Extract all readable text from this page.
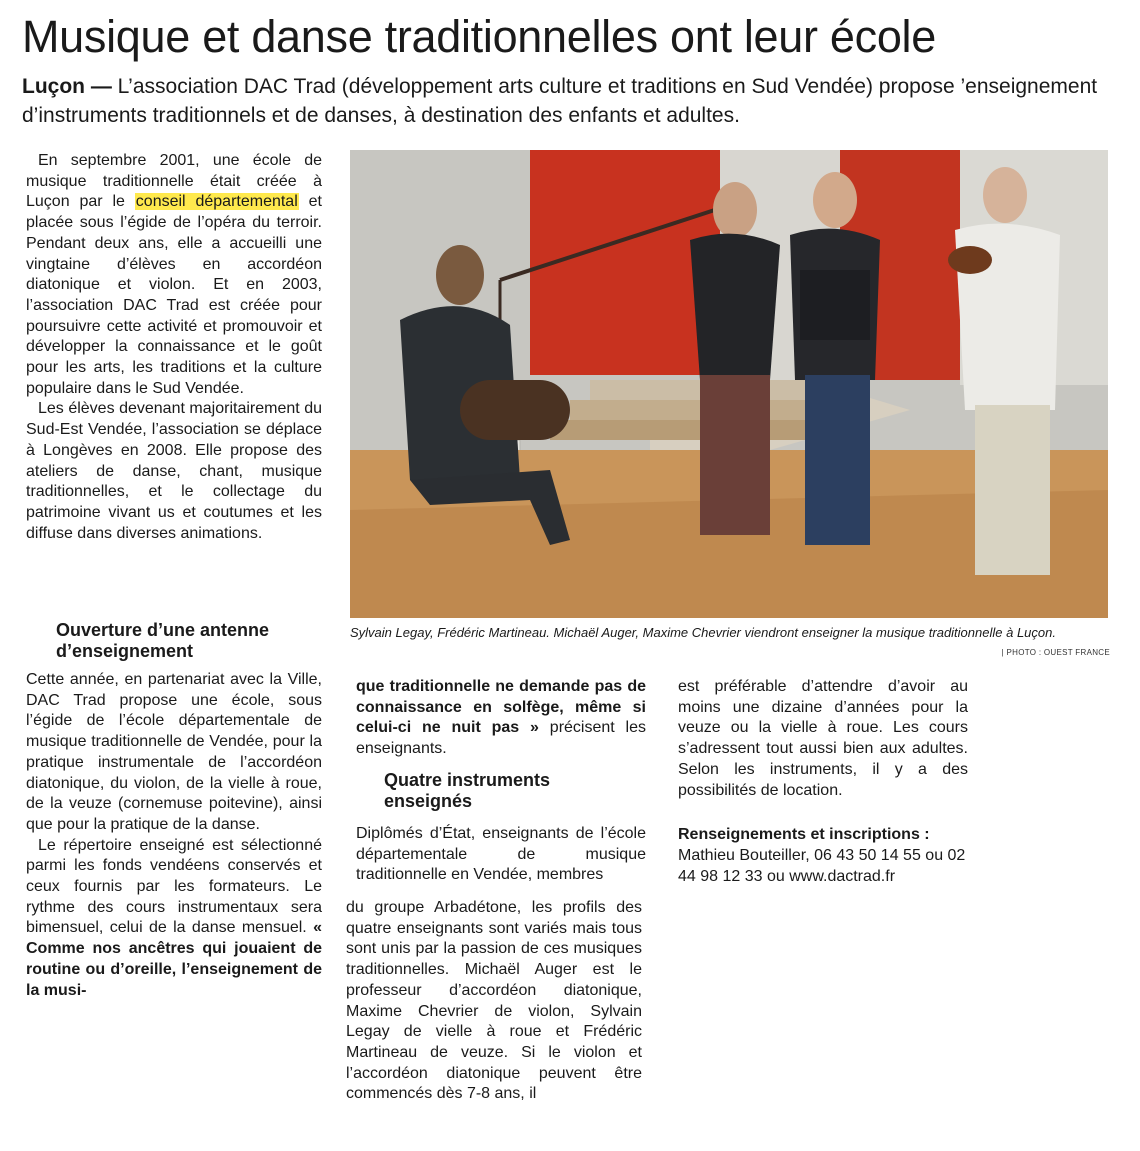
Musique et danse traditionnelles ont leur école

Luçon — L’association DAC Trad (développement arts culture et traditions en Sud Vendée) propose ’enseignement d’instruments traditionnels et de danses, à destination des enfants et adultes.

En septembre 2001, une école de musique traditionnelle était créée à Luçon par le conseil départemental et placée sous l’égide de l’opéra du terroir. Pendant deux ans, elle a accueilli une vingtaine d’élèves en accordéon diatonique et violon. Et en 2003, l’association DAC Trad est créée pour poursuivre cette activité et promouvoir et développer la connaissance et le goût pour les arts, les traditions et la culture populaire dans le Sud Vendée.

Les élèves devenant majoritairement du Sud-Est Vendée, l’association se déplace à Longèves en 2008. Elle propose des ateliers de danse, chant, musique traditionnelles, et le collectage du patrimoine vivant us et coutumes et les diffuse dans diverses animations.

Ouverture d’une antenne d’enseignement

Cette année, en partenariat avec la Ville, DAC Trad propose une école, sous l’égide de l’école départementale de musique traditionnelle de Vendée, pour la pratique instrumentale de l’accordéon diatonique, du violon, de la vielle à roue, de la veuze (cornemuse poitevine), ainsi que pour la pratique de la danse.

Le répertoire enseigné est sélectionné parmi les fonds vendéens conservés et ceux fournis par les formateurs. Le rythme des cours instrumentaux sera bimensuel, celui de la danse mensuel. « Comme nos ancêtres qui jouaient de routine ou d’oreille, l’enseignement de la musi-

Sylvain Legay, Frédéric Martineau. Michaël Auger, Maxime Chevrier viendront enseigner la musique traditionnelle à Luçon.

| PHOTO : OUEST FRANCE

que traditionnelle ne demande pas de connaissance en solfège, même si celui-ci ne nuit pas » précisent les enseignants.

Quatre instruments enseignés

Diplômés d’État, enseignants de l’école départementale de musique traditionnelle en Vendée, membres

du groupe Arbadétone, les profils des quatre enseignants sont variés mais tous sont unis par la passion de ces musiques traditionnelles. Michaël Auger est le professeur d’accordéon diatonique, Maxime Chevrier de violon, Sylvain Legay de vielle à roue et Frédéric Martineau de veuze. Si le violon et l’accordéon diatonique peuvent être commencés dès 7-8 ans, il

est préférable d’attendre d’avoir au moins une dizaine d’années pour la veuze ou la vielle à roue. Les cours s’adressent tout aussi bien aux adultes. Selon les instruments, il y a des possibilités de location.

Renseignements et inscriptions :

Mathieu Bouteiller, 06 43 50 14 55 ou 02 44 98 12 33 ou www.dactrad.fr
